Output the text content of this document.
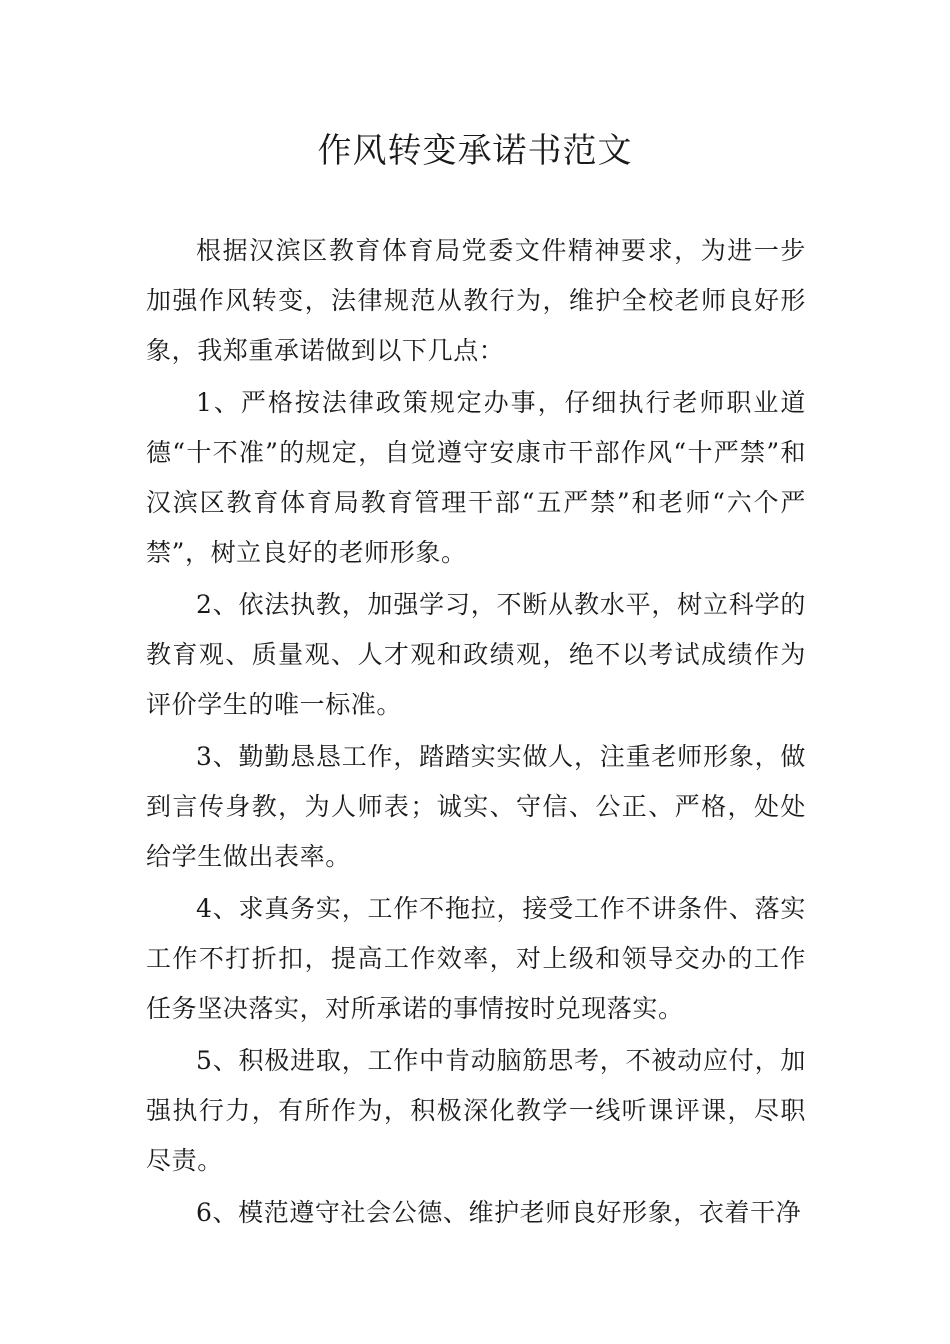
作风转变承诺书范文

根据汉滨区教育体育局党委文件精神要求，为进一步加强作风转变，法律规范从教行为，维护全校老师良好形象，我郑重承诺做到以下几点：

1、严格按法律政策规定办事，仔细执行老师职业道德“十不准”的规定，自觉遵守安康市干部作风“十严禁”和汉滨区教育体育局教育管理干部“五严禁”和老师“六个严禁”，树立良好的老师形象。

2、依法执教，加强学习，不断从教水平，树立科学的教育观、质量观、人才观和政绩观，绝不以考试成绩作为评价学生的唯一标准。

3、勤勤恳恳工作，踏踏实实做人，注重老师形象，做到言传身教，为人师表；诚实、守信、公正、严格，处处给学生做出表率。

4、求真务实，工作不拖拉，接受工作不讲条件、落实工作不打折扣，提高工作效率，对上级和领导交办的工作任务坚决落实，对所承诺的事情按时兑现落实。

5、积极进取，工作中肯动脑筋思考，不被动应付，加强执行力，有所作为，积极深化教学一线听课评课，尽职尽责。

6、模范遵守社会公德、维护老师良好形象，衣着干净
